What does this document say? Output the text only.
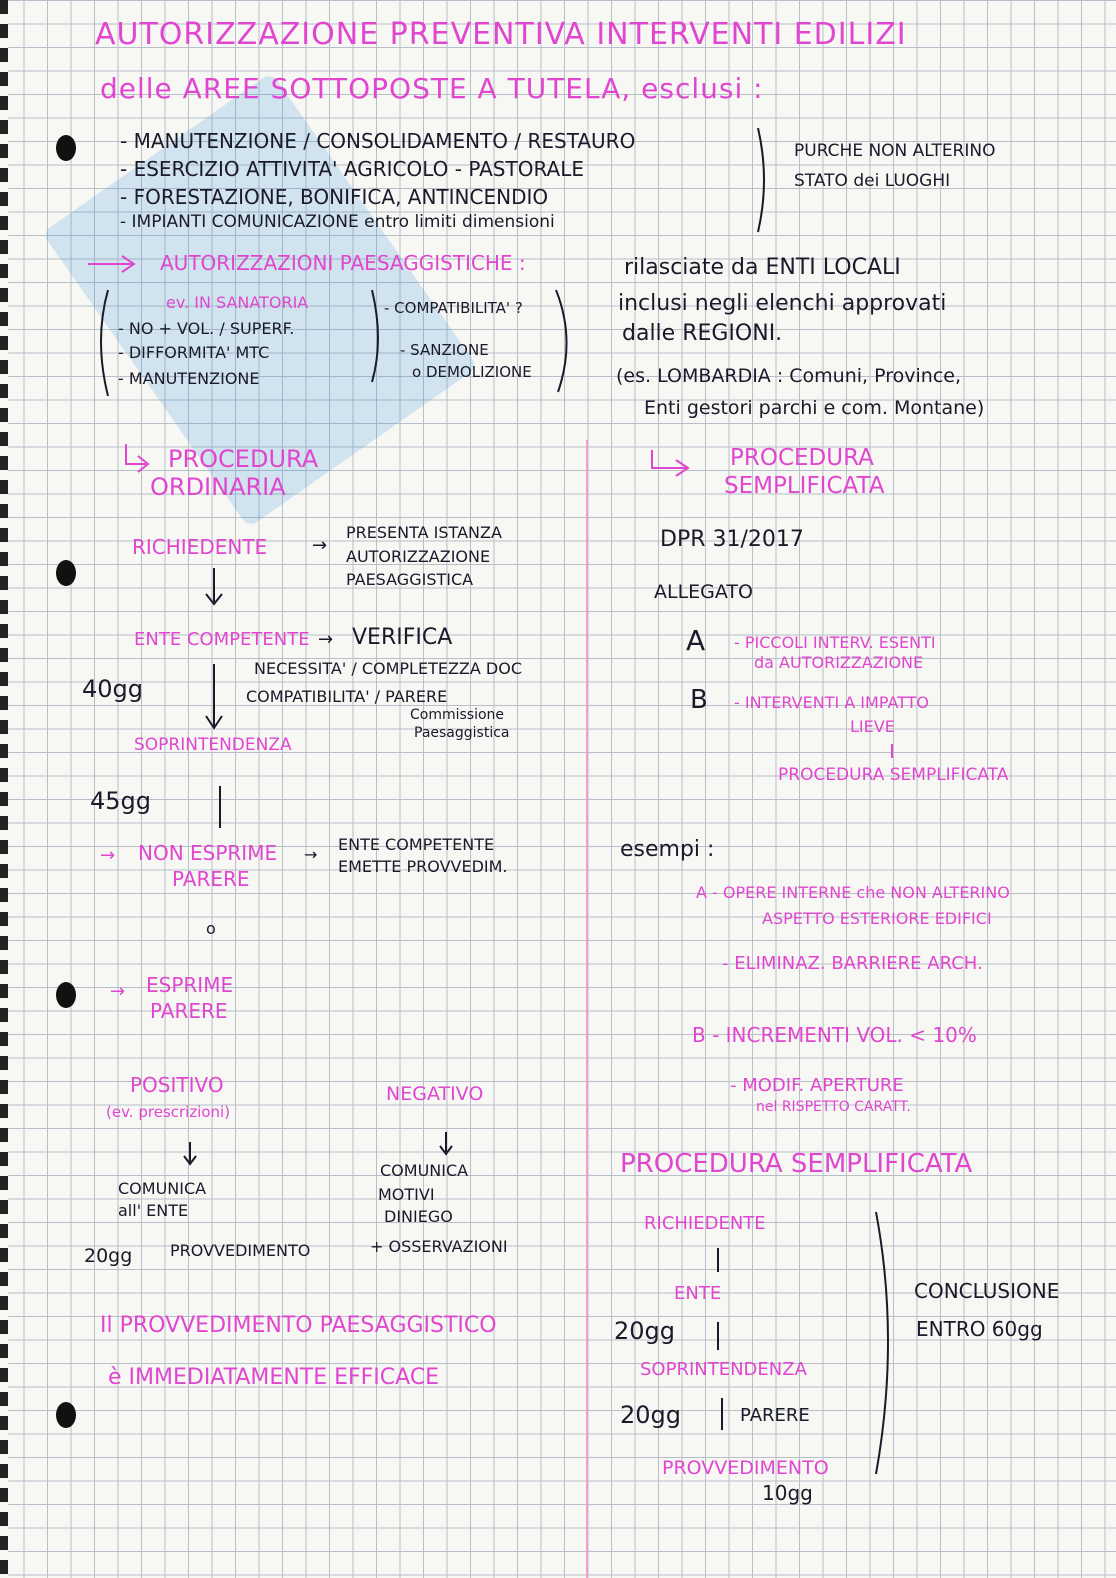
AUTORIZZAZIONE PREVENTIVA INTERVENTI EDILIZI
delle AREE SOTTOPOSTE A TUTELA, esclusi :
- MANUTENZIONE / CONSOLIDAMENTO / RESTAURO
- ESERCIZIO ATTIVITA' AGRICOLO - PASTORALE
- FORESTAZIONE, BONIFICA, ANTINCENDIO
- IMPIANTI COMUNICAZIONE entro limiti dimensioni
PURCHE NON ALTERINO
STATO dei LUOGHI
AUTORIZZAZIONI PAESAGGISTICHE :	rilasciate da ENTI LOCALI
inclusi negli elenchi approvati
dalle REGIONI.
(es. LOMBARDIA : Comuni, Province,
Enti gestori parchi e com. Montane)
ev. IN SANATORIA
- NO + VOL. / SUPERF.
- DIFFORMITA' MTC
- MANUTENZIONE
- COMPATIBILITA' ?
- SANZIONE
o DEMOLIZIONE
PROCEDURA
ORDINARIA
RICHIEDENTE →
PRESENTA ISTANZA
AUTORIZZAZIONE
PAESAGGISTICA
ENTE COMPETENTE → VERIFICA
NECESSITA' / COMPLETEZZA DOC
COMPATIBILITA' / PARERE
Commissione
Paesaggistica
40gg
SOPRINTENDENZA
45gg
→ NON ESPRIME
PARERE
→
ENTE COMPETENTE
EMETTE PROVVEDIM.
o
→ ESPRIME
PARERE
POSITIVO
(ev. prescrizioni)
NEGATIVO
COMUNICA
all' ENTE
20gg PROVVEDIMENTO
COMUNICA
MOTIVI
DINIEGO
+ OSSERVAZIONI
Il PROVVEDIMENTO PAESAGGISTICO
è IMMEDIATAMENTE EFFICACE
PROCEDURA
SEMPLIFICATA
DPR 31/2017
ALLEGATO
A - PICCOLI INTERV. ESENTI
da AUTORIZZAZIONE
B - INTERVENTI A IMPATTO
LIEVE
PROCEDURA SEMPLIFICATA
esempi :
A - OPERE INTERNE che NON ALTERINO
ASPETTO ESTERIORE EDIFICI
- ELIMINAZ. BARRIERE ARCH.
B - INCREMENTI VOL. < 10%
- MODIF. APERTURE
nel RISPETTO CARATT.
PROCEDURA SEMPLIFICATA
RICHIEDENTE
ENTE
20gg
SOPRINTENDENZA
20gg	PARERE
PROVVEDIMENTO
10gg
CONCLUSIONE
ENTRO 60gg
